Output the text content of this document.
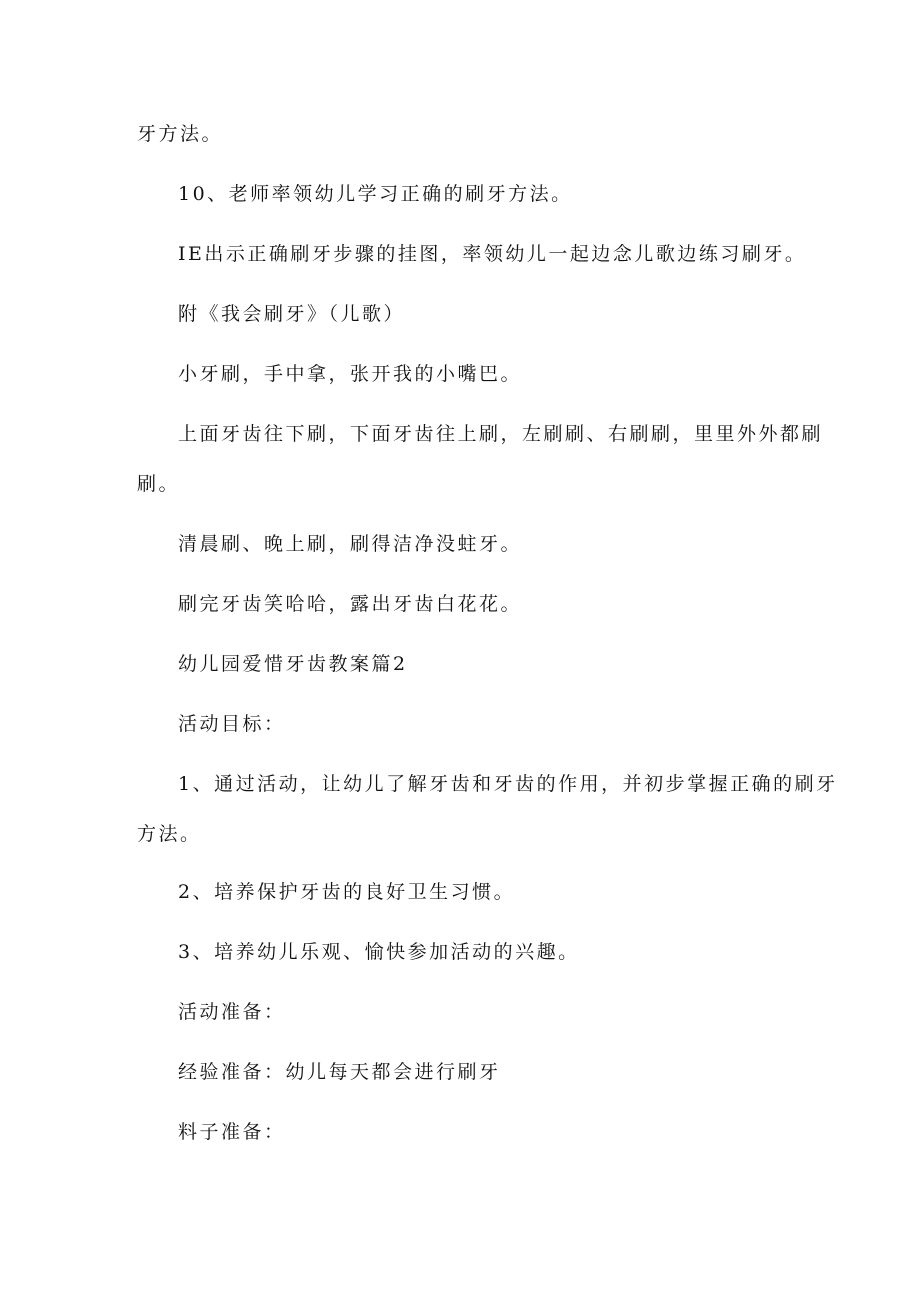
牙方法。

10、老师率领幼儿学习正确的刷牙方法。

IE出示正确刷牙步骤的挂图，率领幼儿一起边念儿歌边练习刷牙。

附《我会刷牙》（儿歌）

小牙刷，手中拿，张开我的小嘴巴。

上面牙齿往下刷，下面牙齿往上刷，左刷刷、右刷刷，里里外外都刷

刷。

清晨刷、晚上刷，刷得洁净没蛀牙。

刷完牙齿笑哈哈，露出牙齿白花花。

幼儿园爱惜牙齿教案篇2

活动目标：

1、通过活动，让幼儿了解牙齿和牙齿的作用，并初步掌握正确的刷牙

方法。

2、培养保护牙齿的良好卫生习惯。

3、培养幼儿乐观、愉快参加活动的兴趣。

活动准备：

经验准备：幼儿每天都会进行刷牙

料子准备：
